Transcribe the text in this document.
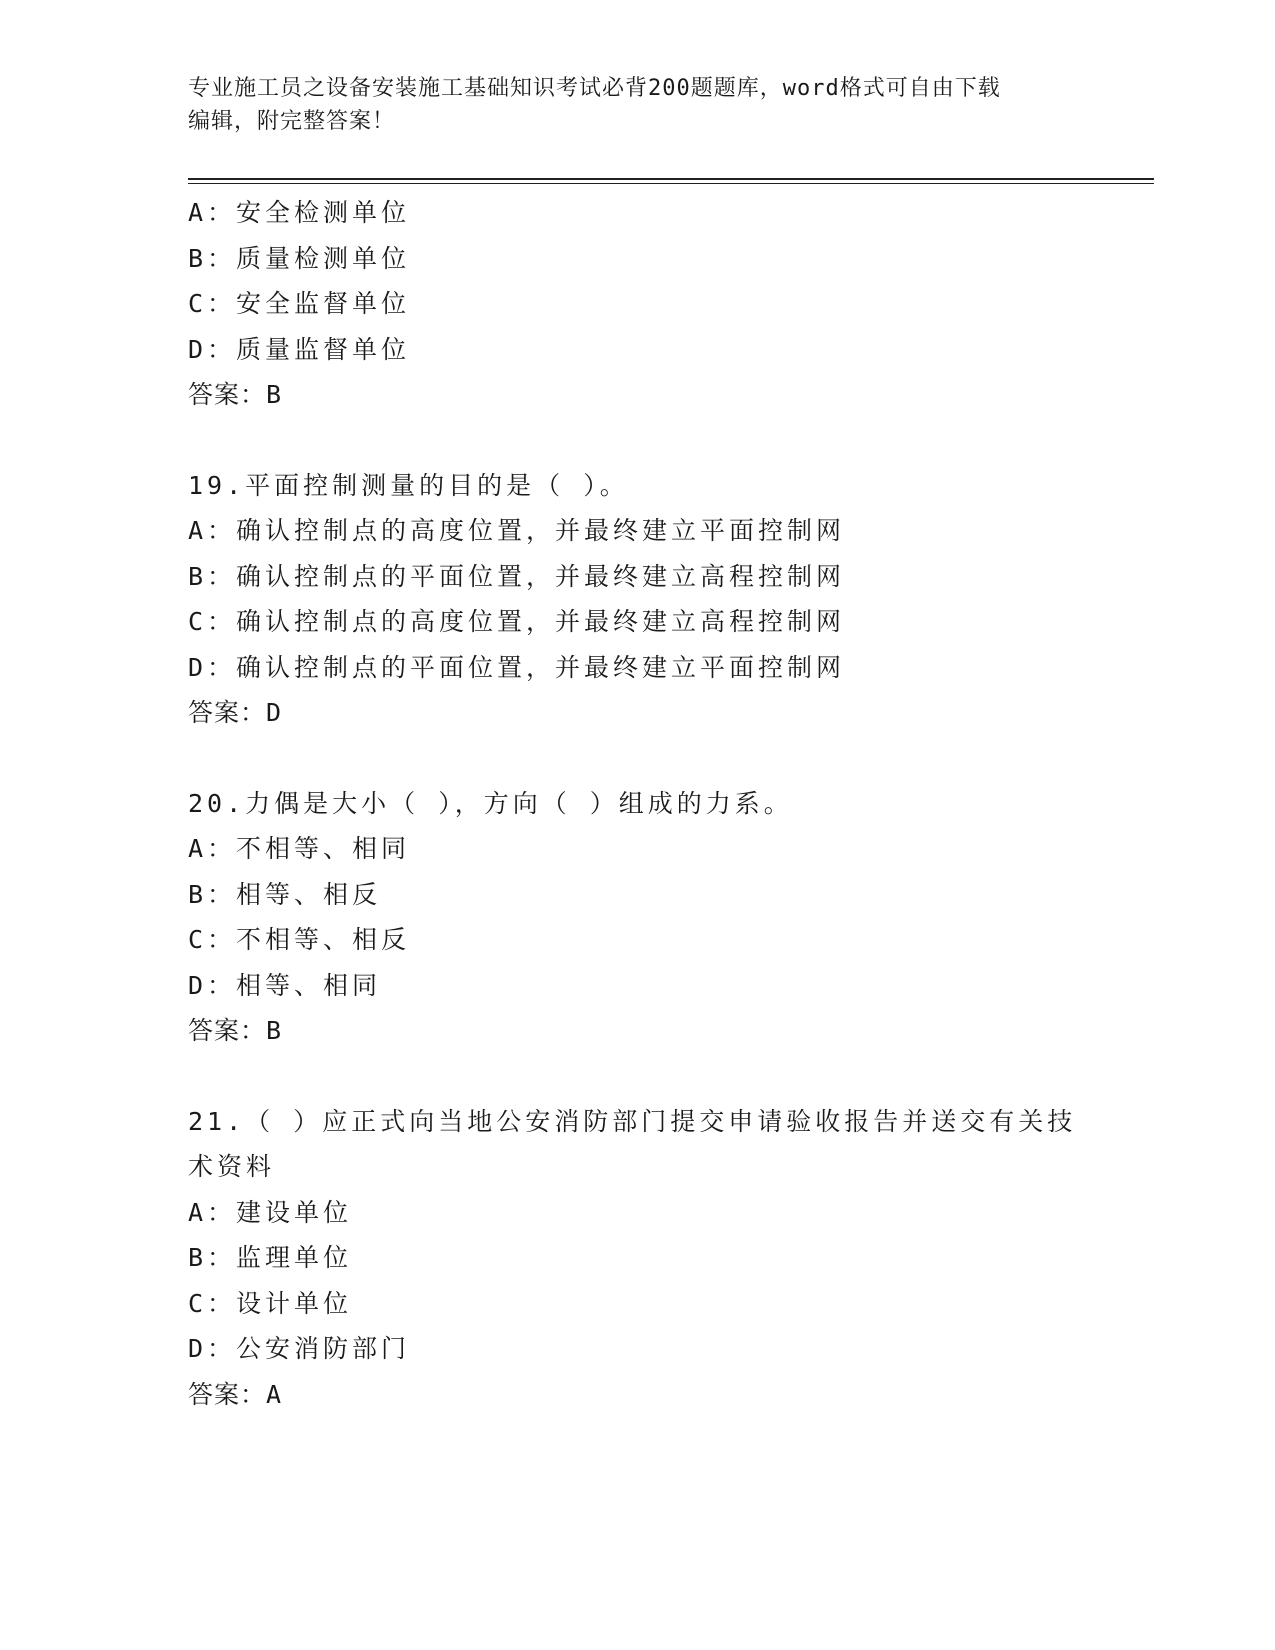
专业施工员之设备安装施工基础知识考试必背200题题库，word格式可自由下载
编辑，附完整答案！
A：安全检测单位
B：质量检测单位
C：安全监督单位
D：质量监督单位
答案：B
19.平面控制测量的目的是（ ）。
A：确认控制点的高度位置，并最终建立平面控制网
B：确认控制点的平面位置，并最终建立高程控制网
C：确认控制点的高度位置，并最终建立高程控制网
D：确认控制点的平面位置，并最终建立平面控制网
答案：D
20.力偶是大小（ ），方向（ ）组成的力系。
A：不相等、相同
B：相等、相反
C：不相等、相反
D：相等、相同
答案：B
21.（ ）应正式向当地公安消防部门提交申请验收报告并送交有关技
术资料
A：建设单位
B：监理单位
C：设计单位
D：公安消防部门
答案：A
